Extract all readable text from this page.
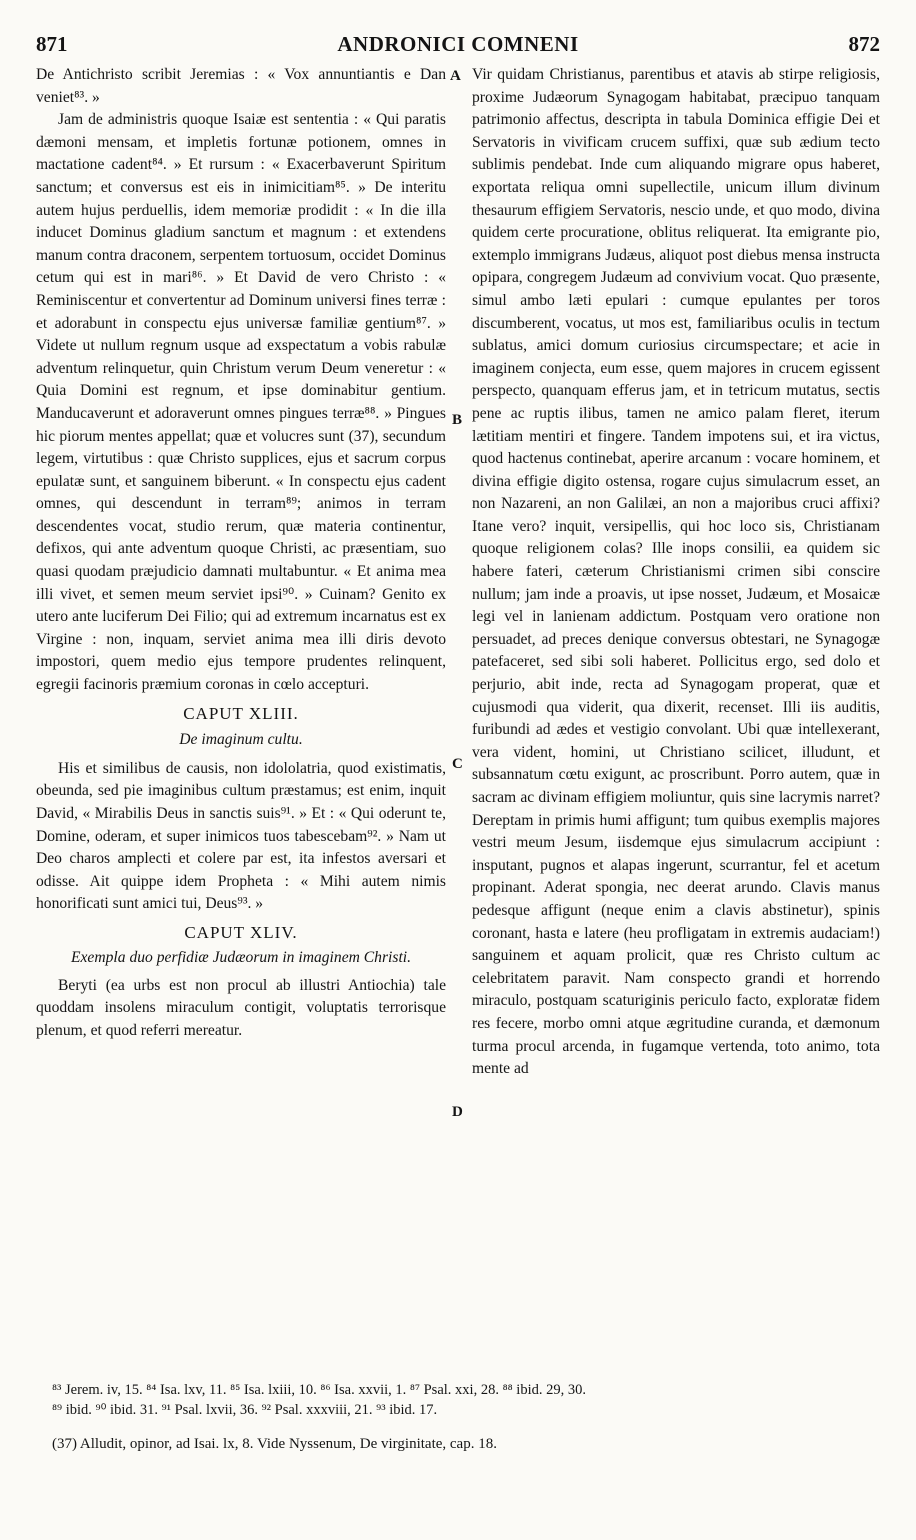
871	ANDRONICI COMNENI	872
A
B
C
D

De Antichristo scribit Jeremias : « Vox annuntiantis e Dan veniet⁸³. »

Jam de administris quoque Isaiæ est sententia : « Qui paratis dæmoni mensam, et impletis fortunæ potionem, omnes in mactatione cadent⁸⁴. » Et rursum : « Exacerbaverunt Spiritum sanctum; et conversus est eis in inimicitiam⁸⁵. » De interitu autem hujus perduellis, idem memoriæ prodidit : « In die illa inducet Dominus gladium sanctum et magnum : et extendens manum contra draconem, serpentem tortuosum, occidet Dominus cetum qui est in mari⁸⁶. » Et David de vero Christo : « Reminiscentur et convertentur ad Dominum universi fines terræ : et adorabunt in conspectu ejus universæ familiæ gentium⁸⁷. » Videte ut nullum regnum usque ad exspectatum a vobis rabulæ adventum relinquetur, quin Christum verum Deum veneretur : « Quia Domini est regnum, et ipse dominabitur gentium. Manducaverunt et adoraverunt omnes pingues terræ⁸⁸. » Pingues hic piorum mentes appellat; quæ et volucres sunt (37), secundum legem, virtutibus : quæ Christo supplices, ejus et sacrum corpus epulatæ sunt, et sanguinem biberunt. « In conspectu ejus cadent omnes, qui descendunt in terram⁸⁹; animos in terram descendentes vocat, studio rerum, quæ materia continentur, defixos, qui ante adventum quoque Christi, ac præsentiam, suo quasi quodam præjudicio damnati multabuntur. « Et anima mea illi vivet, et semen meum serviet ipsi⁹⁰. » Cuinam? Genito ex utero ante luciferum Dei Filio; qui ad extremum incarnatus est ex Virgine : non, inquam, serviet anima mea illi diris devoto impostori, quem medio ejus tempore prudentes relinquent, egregii facinoris præmium coronas in cœlo accepturi.

CAPUT XLIII.
De imaginum cultu.

His et similibus de causis, non idololatria, quod existimatis, obeunda, sed pie imaginibus cultum præstamus; est enim, inquit David, « Mirabilis Deus in sanctis suis⁹¹. » Et : « Qui oderunt te, Domine, oderam, et super inimicos tuos tabescebam⁹². » Nam ut Deo charos amplecti et colere par est, ita infestos aversari et odisse. Ait quippe idem Propheta : « Mihi autem nimis honorificati sunt amici tui, Deus⁹³. »

CAPUT XLIV.
Exempla duo perfidiæ Judæorum in imaginem Christi.

Beryti (ea urbs est non procul ab illustri Antiochia) tale quoddam insolens miraculum contigit, voluptatis terrorisque plenum, et quod referri mereatur.

Vir quidam Christianus, parentibus et atavis ab stirpe religiosis, proxime Judæorum Synagogam habitabat, præcipuo tanquam patrimonio affectus, descripta in tabula Dominica effigie Dei et Servatoris in vivificam crucem suffixi, quæ sub ædium tecto sublimis pendebat. Inde cum aliquando migrare opus haberet, exportata reliqua omni supellectile, unicum illum divinum thesaurum effigiem Servatoris, nescio unde, et quo modo, divina quidem certe procuratione, oblitus reliquerat. Ita emigrante pio, extemplo immigrans Judæus, aliquot post diebus mensa instructa opipara, congregem Judæum ad convivium vocat. Quo præsente, simul ambo læti epulari : cumque epulantes per toros discumberent, vocatus, ut mos est, familiaribus oculis in tectum sublatus, amici domum curiosius circumspectare; et acie in imaginem conjecta, eum esse, quem majores in crucem egissent perspecto, quanquam efferus jam, et in tetricum mutatus, sectis pene ac ruptis ilibus, tamen ne amico palam fleret, iterum lætitiam mentiri et fingere. Tandem impotens sui, et ira victus, quod hactenus continebat, aperire arcanum : vocare hominem, et divina effigie digito ostensa, rogare cujus simulacrum esset, an non Nazareni, an non Galilæi, an non a majoribus cruci affixi? Itane vero? inquit, versipellis, qui hoc loco sis, Christianam quoque religionem colas? Ille inops consilii, ea quidem sic habere fateri, cæterum Christianismi crimen sibi conscire nullum; jam inde a proavis, ut ipse nosset, Judæum, et Mosaicæ legi vel in lanienam addictum. Postquam vero oratione non persuadet, ad preces denique conversus obtestari, ne Synagogæ patefaceret, sed sibi soli haberet. Pollicitus ergo, sed dolo et perjurio, abit inde, recta ad Synagogam properat, quæ et cujusmodi qua viderit, qua dixerit, recenset. Illi iis auditis, furibundi ad ædes et vestigio convolant. Ubi quæ intellexerant, vera vident, homini, ut Christiano scilicet, illudunt, et subsannatum cœtu exigunt, ac proscribunt. Porro autem, quæ in sacram ac divinam effigiem moliuntur, quis sine lacrymis narret? Dereptam in primis humi affigunt; tum quibus exemplis majores vestri meum Jesum, iisdemque ejus simulacrum accipiunt : insputant, pugnos et alapas ingerunt, scurrantur, fel et acetum propinant. Aderat spongia, nec deerat arundo. Clavis manus pedesque affigunt (neque enim a clavis abstinetur), spinis coronant, hasta e latere (heu profligatam in extremis audaciam!) sanguinem et aquam prolicit, quæ res Christo cultum ac celebritatem paravit. Nam conspecto grandi et horrendo miraculo, postquam scaturiginis periculo facto, exploratæ fidem res fecere, morbo omni atque ægritudine curanda, et dæmonum turma procul arcenda, in fugamque vertenda, toto animo, tota mente ad

⁸³ Jerem. iv, 15. ⁸⁴ Isa. lxv, 11. ⁸⁵ Isa. lxiii, 10. ⁸⁶ Isa. xxvii, 1. ⁸⁷ Psal. xxi, 28. ⁸⁸ ibid. 29, 30.
⁸⁹ ibid. ⁹⁰ ibid. 31. ⁹¹ Psal. lxvii, 36. ⁹² Psal. xxxviii, 21. ⁹³ ibid. 17.
(37) Alludit, opinor, ad Isai. lx, 8. Vide Nyssenum, De virginitate, cap. 18.
